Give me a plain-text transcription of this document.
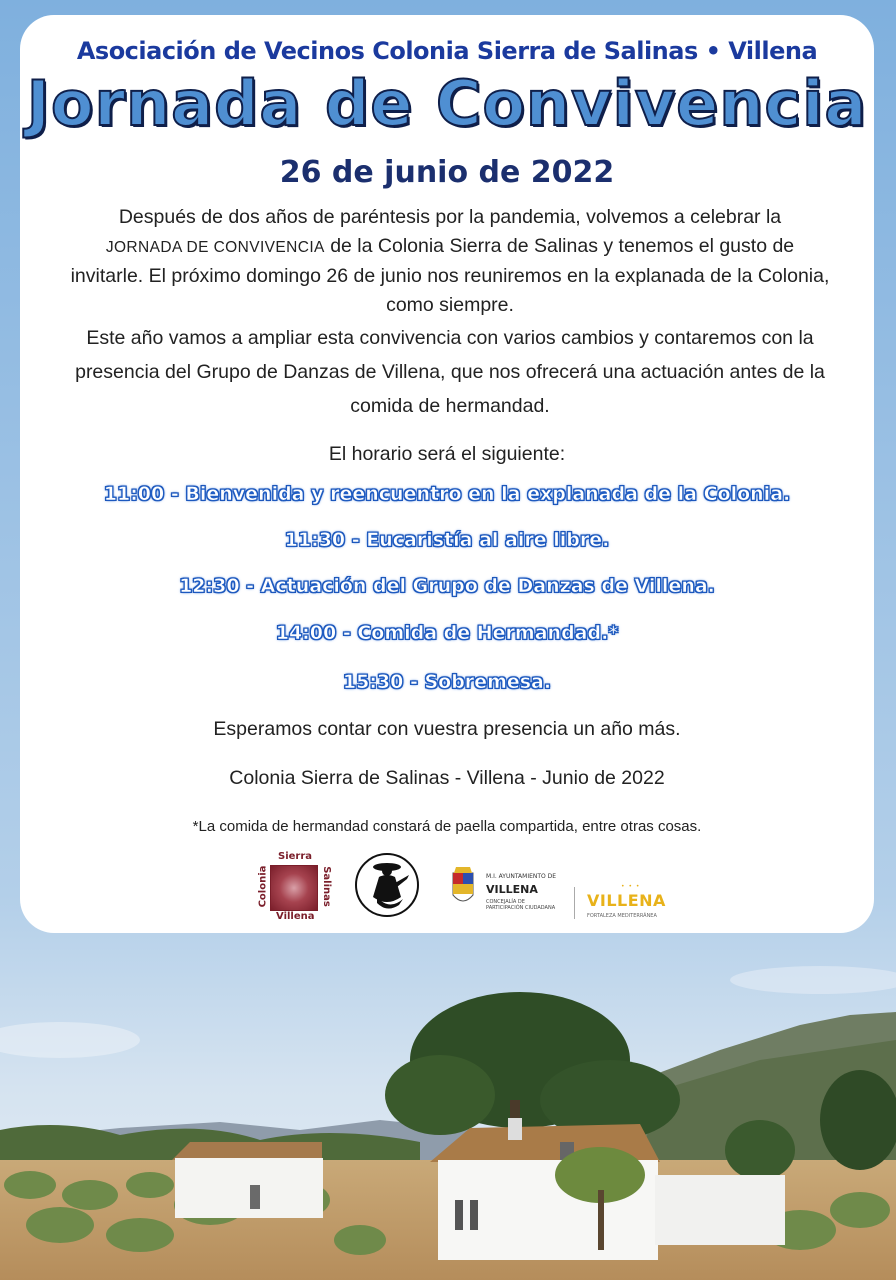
Asociación de Vecinos Colonia Sierra de Salinas • Villena
Jornada de Convivencia
26 de junio de 2022

Después de dos años de paréntesis por la pandemia, volvemos a celebrar la
JORNADA DE CONVIVENCIA de la Colonia Sierra de Salinas y tenemos el gusto de invitarle. El próximo domingo 26 de junio nos reuniremos en la explanada de la Colonia, como siempre.

Este año vamos a ampliar esta convivencia con varios cambios y contaremos con la presencia del Grupo de Danzas de Villena, que nos ofrecerá una actuación antes de la comida de hermandad.

El horario será el siguiente:
11:00 - Bienvenida y reencuentro en la explanada de la Colonia.
11:30 - Eucaristía al aire libre.
12:30 - Actuación del Grupo de Danzas de Villena.
14:00 - Comida de Hermandad.*
15:30 - Sobremesa.
Esperamos contar con vuestra presencia un año más.
Colonia Sierra de Salinas - Villena - Junio de 2022
*La comida de hermandad constará de paella compartida, entre otras cosas.
Sierra
Colonia	Salinas
Villena
M.I. AYUNTAMIENTO DE
VILLENA
CONCEJALÍA DE
PARTICIPACIÓN CIUDADANA
• • •
VILLENA
FORTALEZA MEDITERRÁNEA
